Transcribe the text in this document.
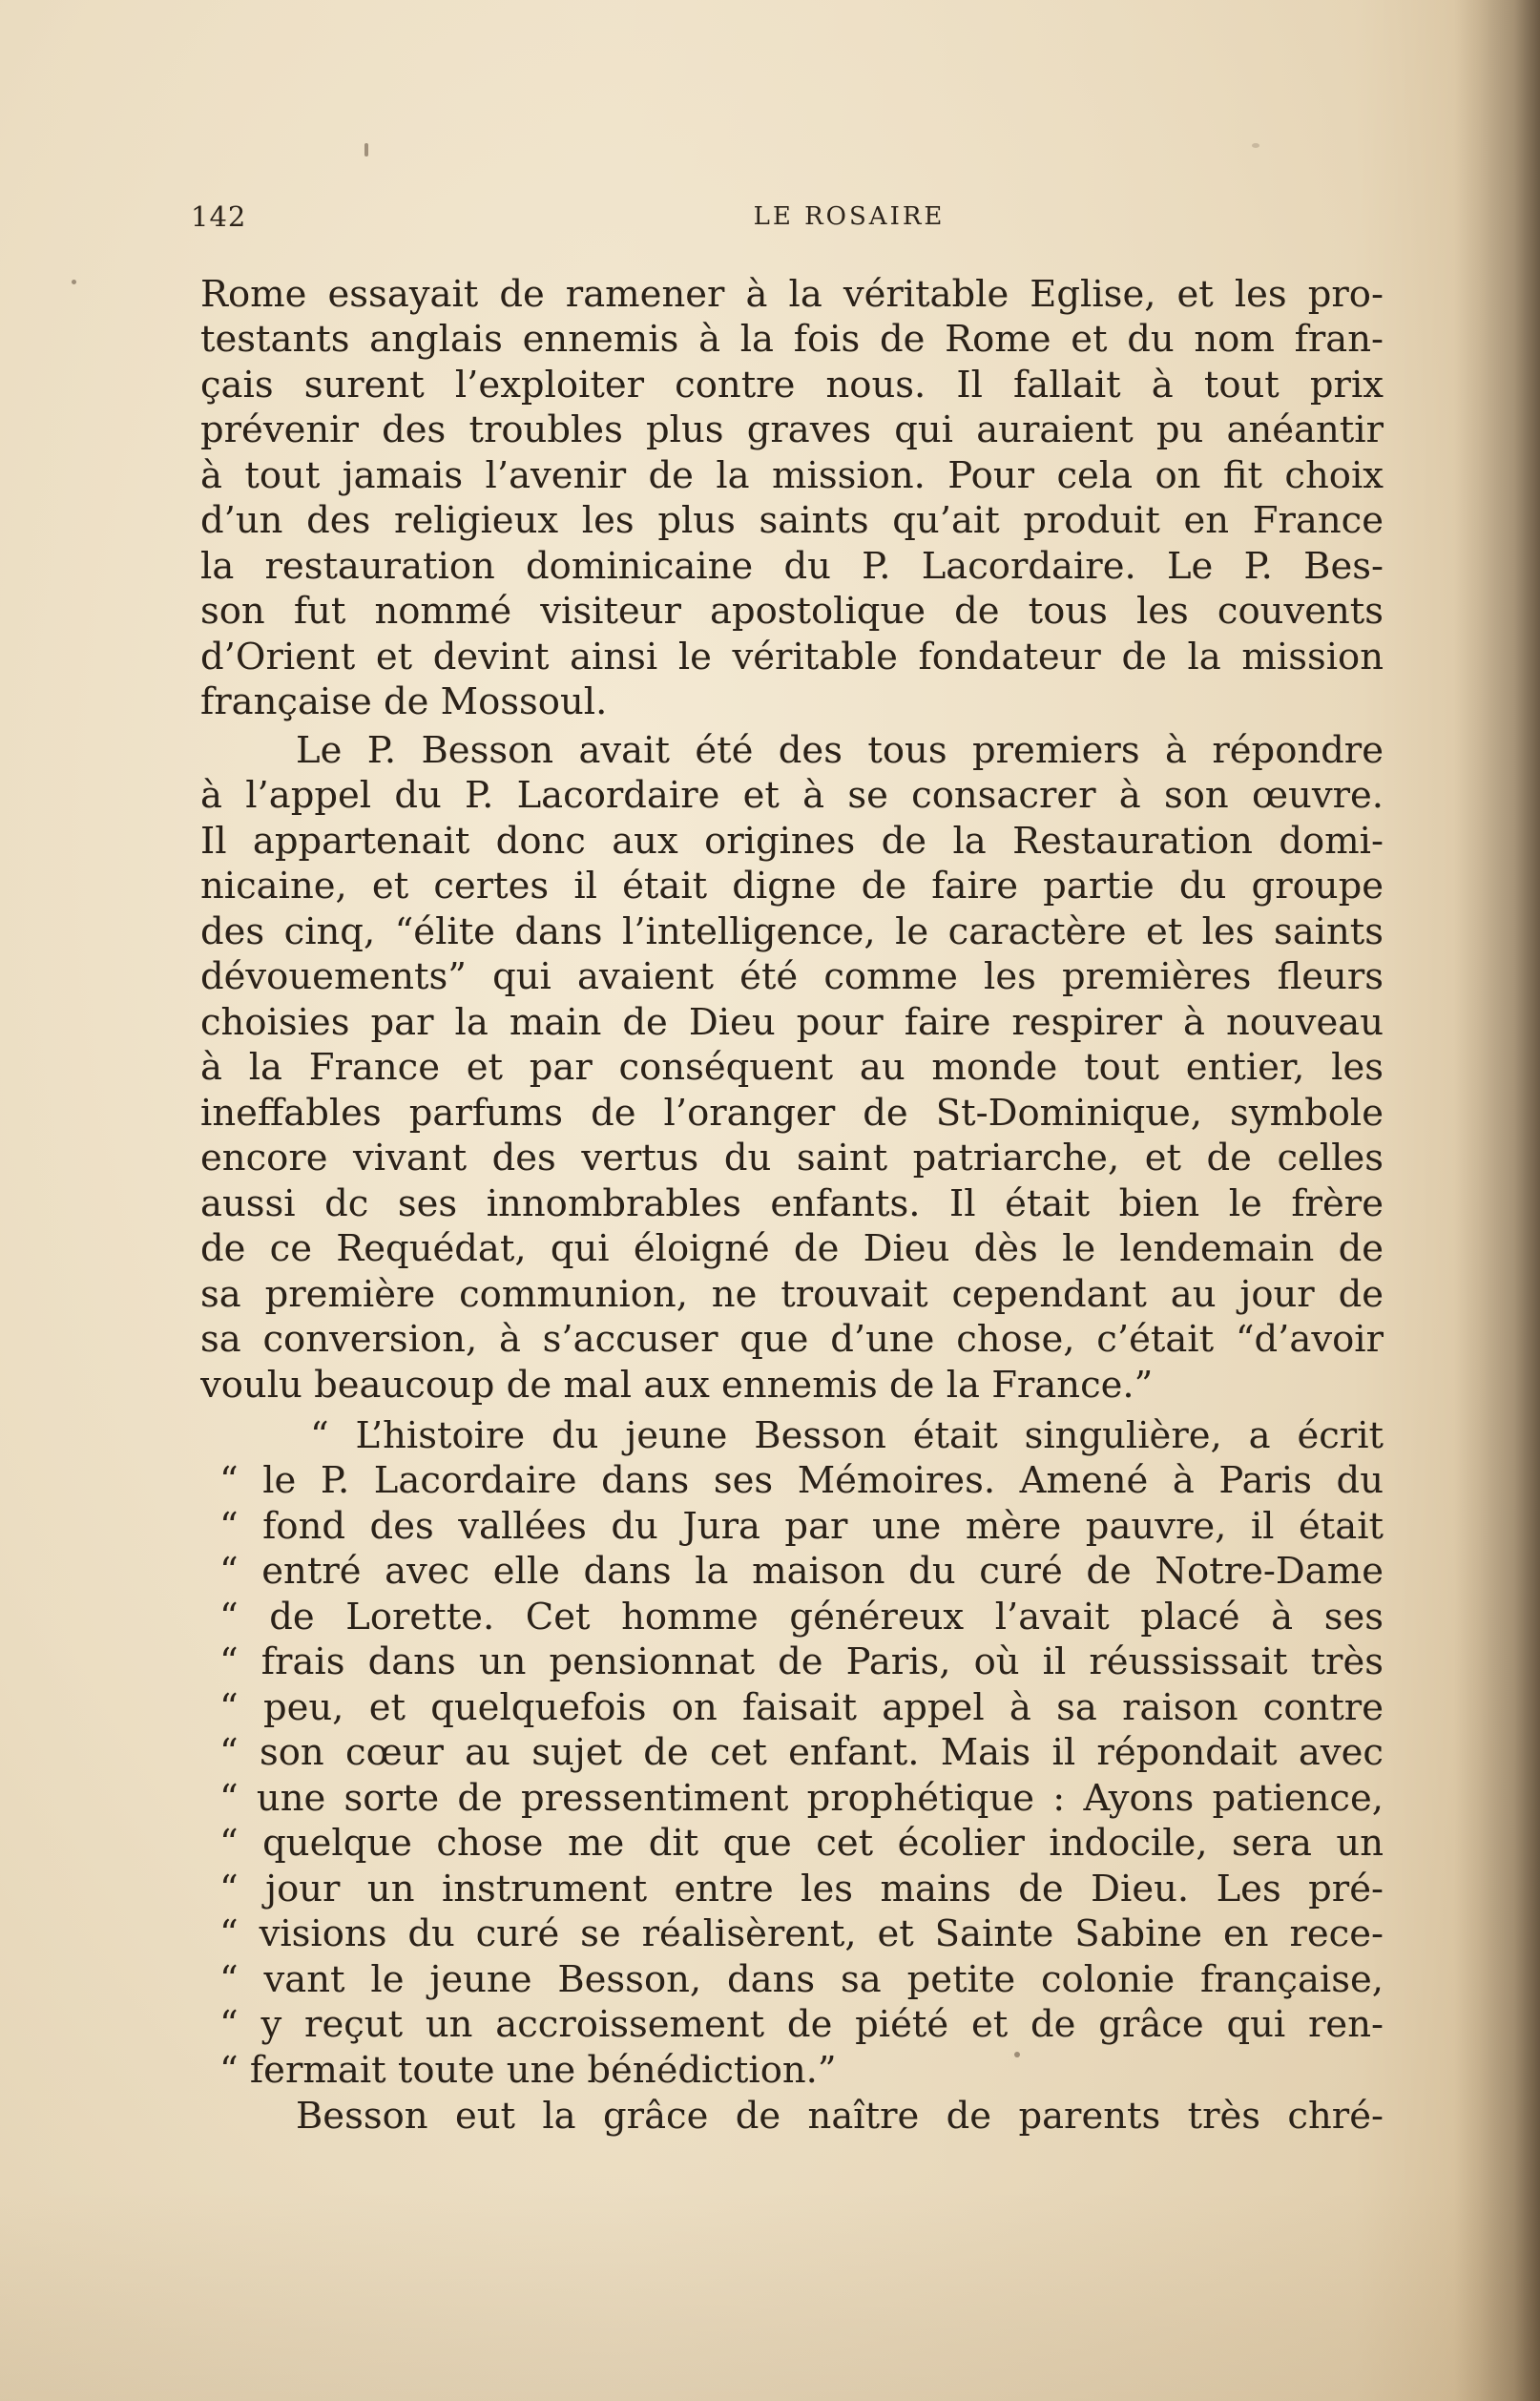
142	LE ROSAIRE
Rome essayait de ramener à la véritable Eglise, et les pro-
testants anglais ennemis à la fois de Rome et du nom fran-
çais surent l’exploiter contre nous. Il fallait à tout prix
prévenir des troubles plus graves qui auraient pu anéantir
à tout jamais l’avenir de la mission. Pour cela on fit choix
d’un des religieux les plus saints qu’ait produit en France
la restauration dominicaine du P. Lacordaire. Le P. Bes-
son fut nommé visiteur apostolique de tous les couvents
d’Orient et devint ainsi le véritable fondateur de la mission
française de Mossoul.
Le P. Besson avait été des tous premiers à répondre
à l’appel du P. Lacordaire et à se consacrer à son œuvre.
Il appartenait donc aux origines de la Restauration domi-
nicaine, et certes il était digne de faire partie du groupe
des cinq, “élite dans l’intelligence, le caractère et les saints
dévouements” qui avaient été comme les premières fleurs
choisies par la main de Dieu pour faire respirer à nouveau
à la France et par conséquent au monde tout entier, les
ineffables parfums de l’oranger de St-Dominique, symbole
encore vivant des vertus du saint patriarche, et de celles
aussi dc ses innombrables enfants. Il était bien le frère
de ce Requédat, qui éloigné de Dieu dès le lendemain de
sa première communion, ne trouvait cependant au jour de
sa conversion, à s’accuser que d’une chose, c’était “d’avoir
voulu beaucoup de mal aux ennemis de la France.”
“ L’histoire du jeune Besson était singulière, a écrit
“ le P. Lacordaire dans ses Mémoires. Amené à Paris du
“ fond des vallées du Jura par une mère pauvre, il était
“ entré avec elle dans la maison du curé de Notre-Dame
“ de Lorette. Cet homme généreux l’avait placé à ses
“ frais dans un pensionnat de Paris, où il réussissait très
“ peu, et quelquefois on faisait appel à sa raison contre
“ son cœur au sujet de cet enfant. Mais il répondait avec
“ une sorte de pressentiment prophétique : Ayons patience,
“ quelque chose me dit que cet écolier indocile, sera un
“ jour un instrument entre les mains de Dieu. Les pré-
“ visions du curé se réalisèrent, et Sainte Sabine en rece-
“ vant le jeune Besson, dans sa petite colonie française,
“ y reçut un accroissement de piété et de grâce qui ren-
“ fermait toute une bénédiction.”
Besson eut la grâce de naître de parents très chré-
